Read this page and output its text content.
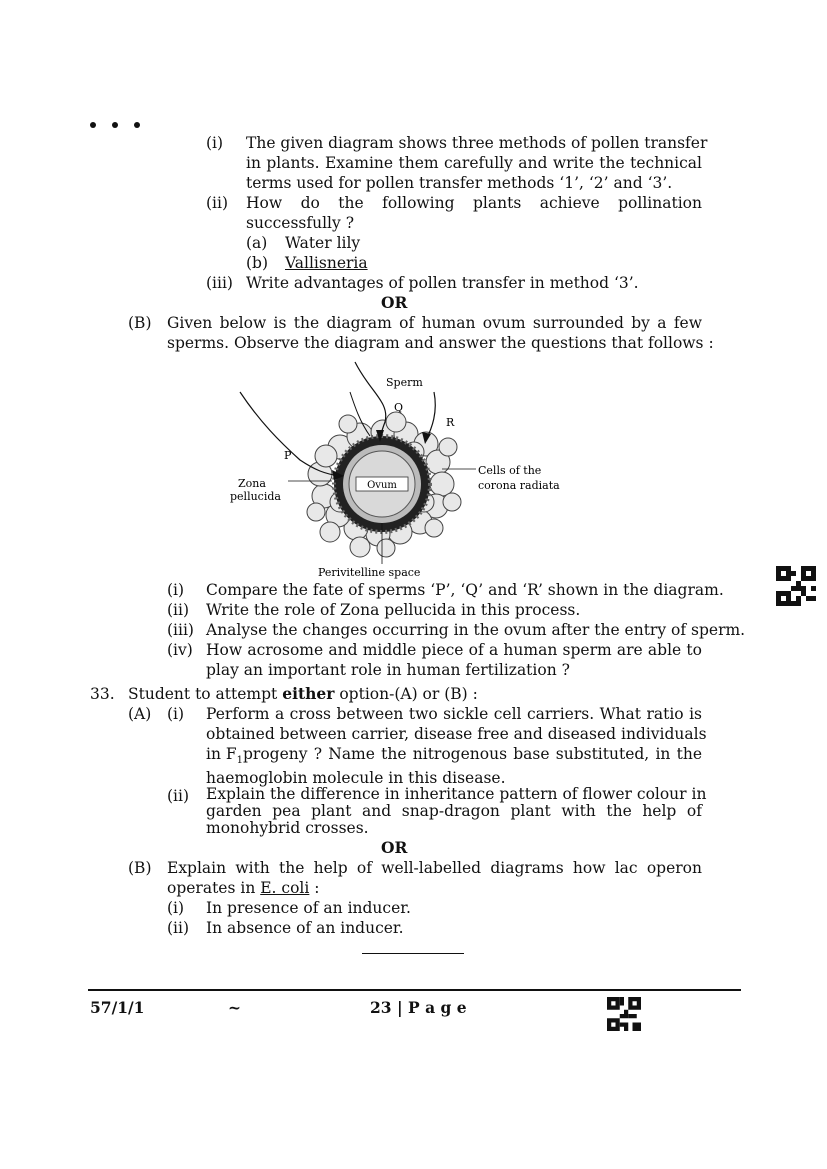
(i) The given diagram shows three methods of pollen transfer
in plants. Examine them carefully and write the technical
terms used for pollen transfer methods ‘1’, ‘2’ and ‘3’.
(ii) How do the following plants achieve pollination
successfully ?
(a) Water lily
(b) Vallisneria
(iii) Write advantages of pollen transfer in method ‘3’.
OR
(B) Given below is the diagram of human ovum surrounded by a few
sperms. Observe the diagram and answer the questions that follows :
Ovum
Sperm
Q
R
P
Zona
pellucida
Cells of the
corona radiata
Perivitelline space
(i) Compare the fate of sperms ‘P’, ‘Q’ and ‘R’ shown in the diagram.
(ii) Write the role of Zona pellucida in this process.
(iii) Analyse the changes occurring in the ovum after the entry of sperm.
(iv) How acrosome and middle piece of a human sperm are able to
play an important role in human fertilization ?
33. Student to attempt either option-(A) or (B) :
(A) (i) Perform a cross between two sickle cell carriers. What ratio is
obtained between carrier, disease free and diseased individuals
in $F_1$ progeny ? Name the nitrogenous base substituted, in the
haemoglobin molecule in this disease.
(ii) Explain the difference in inheritance pattern of flower colour in
garden pea plant and snap-dragon plant with the help of
monohybrid crosses.
OR
(B) Explain with the help of well-labelled diagrams how lac operon
operates in E. coli :
(i) In presence of an inducer.
(ii) In absence of an inducer.
57/1/1	~	23 | P a g e
